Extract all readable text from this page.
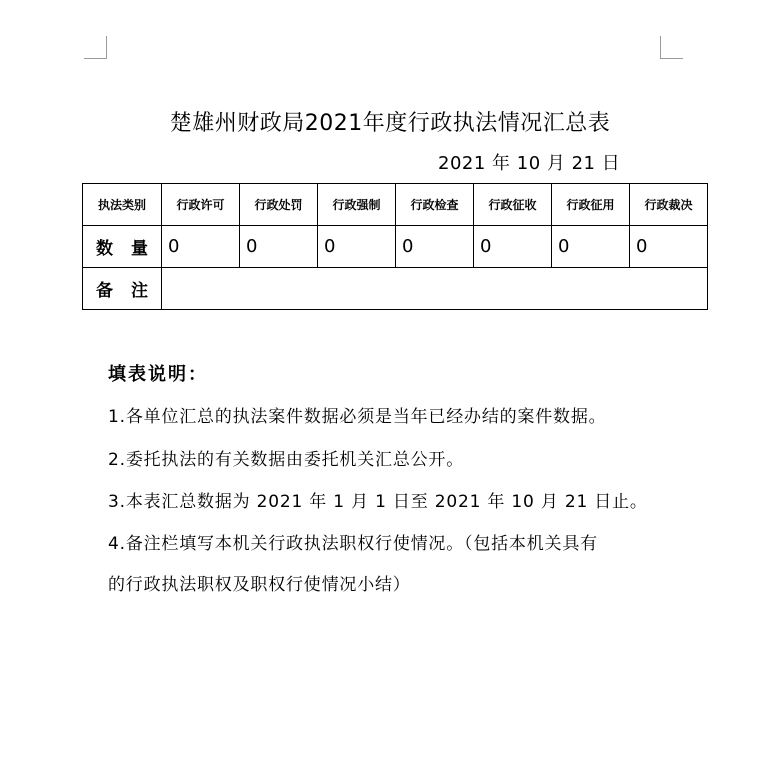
楚雄州财政局2021年度行政执法情况汇总表
2021 年 10 月 21 日
执法类别	行政许可	行政处罚	行政强制	行政检查	行政征收	行政征用	行政裁决
数 量	0	0	0	0	0	0	0
备 注							
填表说明：
1.各单位汇总的执法案件数据必须是当年已经办结的案件数据。
2.委托执法的有关数据由委托机关汇总公开。
3.本表汇总数据为 2021 年 1 月 1 日至 2021 年 10 月 21 日止。
4.备注栏填写本机关行政执法职权行使情况。（包括本机关具有
的行政执法职权及职权行使情况小结）
